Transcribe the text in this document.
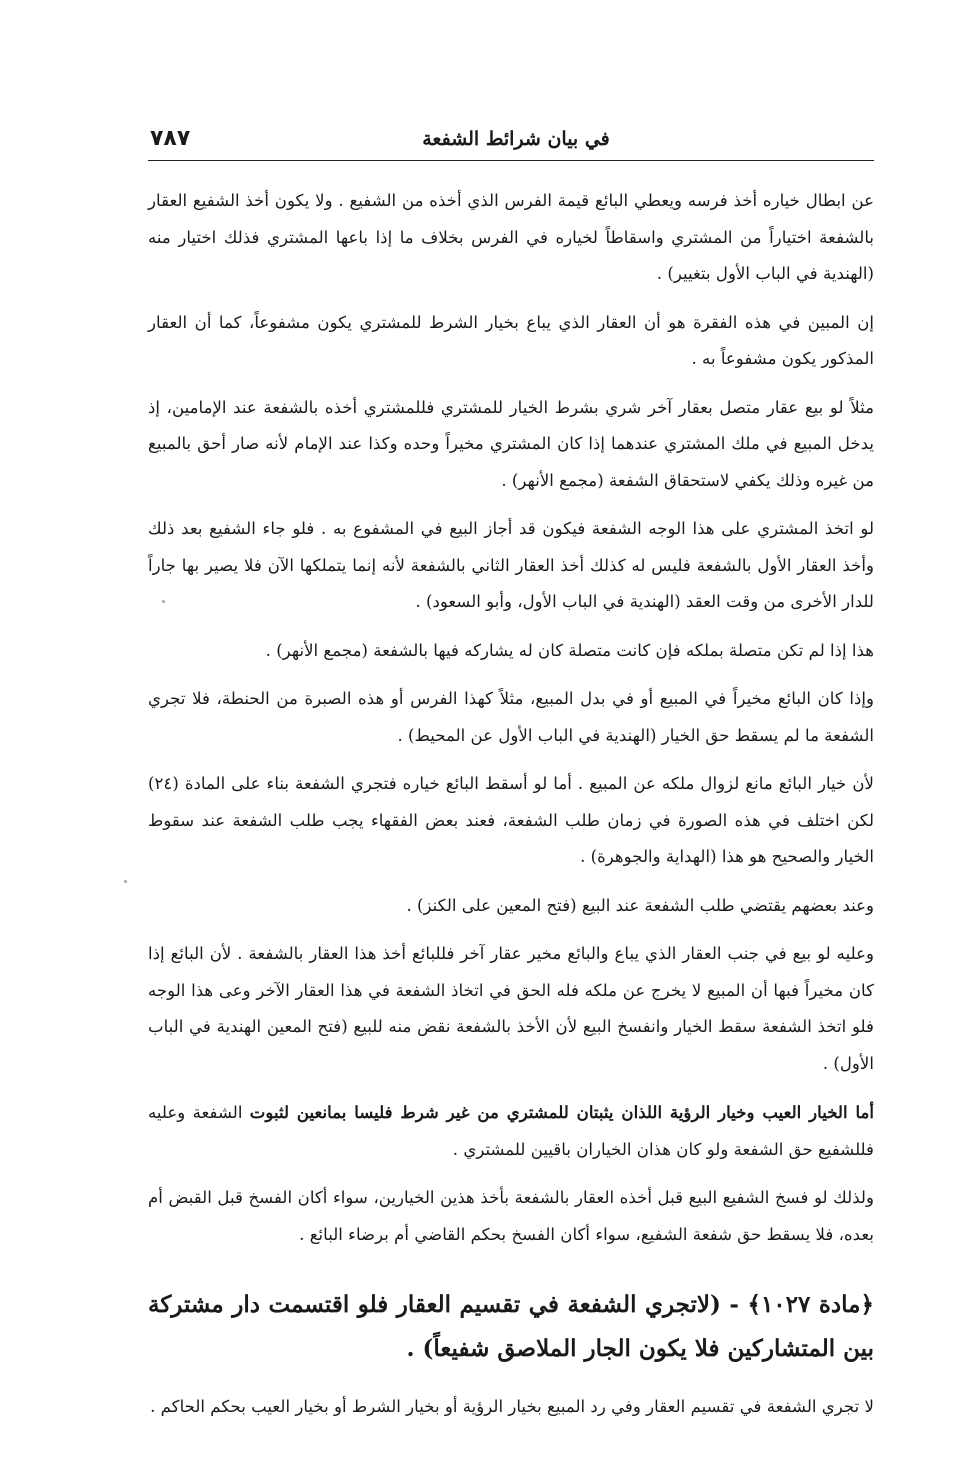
في بيان شرائط الشفعة
٧٨٧

عن ابطال خياره أخذ فرسه ويعطي البائع قيمة الفرس الذي أخذه من الشفيع . ولا يكون أخذ الشفيع العقار بالشفعة اختياراً من المشتري واسقاطاً لخياره في الفرس بخلاف ما إذا باعها المشتري فذلك اختيار منه (الهندية في الباب الأول بتغيير) .

إن المبين في هذه الفقرة هو أن العقار الذي يباع بخيار الشرط للمشتري يكون مشفوعاً، كما أن العقار المذكور يكون مشفوعاً به .

مثلاً لو بيع عقار متصل بعقار آخر شري بشرط الخيار للمشتري فللمشتري أخذه بالشفعة عند الإمامين، إذ يدخل المبيع في ملك المشتري عندهما إذا كان المشتري مخيراً وحده وكذا عند الإمام لأنه صار أحق بالمبيع من غيره وذلك يكفي لاستحقاق الشفعة (مجمع الأنهر) .

لو اتخذ المشتري على هذا الوجه الشفعة فيكون قد أجاز البيع في المشفوع به . فلو جاء الشفيع بعد ذلك وأخذ العقار الأول بالشفعة فليس له كذلك أخذ العقار الثاني بالشفعة لأنه إنما يتملكها الآن فلا يصير بها جاراً للدار الأخرى من وقت العقد (الهندية في الباب الأول، وأبو السعود) .

هذا إذا لم تكن متصلة بملكه فإن كانت متصلة كان له يشاركه فيها بالشفعة (مجمع الأنهر) .

وإذا كان البائع مخيراً في المبيع أو في بدل المبيع، مثلاً كهذا الفرس أو هذه الصبرة من الحنطة، فلا تجري الشفعة ما لم يسقط حق الخيار (الهندية في الباب الأول عن المحيط) .

لأن خيار البائع مانع لزوال ملكه عن المبيع . أما لو أسقط البائع خياره فتجري الشفعة بناء على المادة (٢٤) لكن اختلف في هذه الصورة في زمان طلب الشفعة، فعند بعض الفقهاء يجب طلب الشفعة عند سقوط الخيار والصحيح هو هذا (الهداية والجوهرة) .

وعند بعضهم يقتضي طلب الشفعة عند البيع (فتح المعين على الكنز) .

وعليه لو بيع في جنب العقار الذي يباع والبائع مخير عقار آخر فللبائع أخذ هذا العقار بالشفعة . لأن البائع إذا كان مخيراً فبها أن المبيع لا يخرج عن ملكه فله الحق في اتخاذ الشفعة في هذا العقار الآخر وعى هذا الوجه فلو اتخذ الشفعة سقط الخيار وانفسخ البيع لأن الأخذ بالشفعة نقض منه للبيع (فتح المعين الهندية في الباب الأول) .

أما الخيار العيب وخيار الرؤية اللذان يثبتان للمشتري من غير شرط فليسا بمانعين لثبوت الشفعة وعليه فللشفيع حق الشفعة ولو كان هذان الخياران باقيين للمشتري .

ولذلك لو فسخ الشفيع البيع قبل أخذه العقار بالشفعة بأخذ هذين الخيارين، سواء أكان الفسخ قبل القبض أم بعده، فلا يسقط حق شفعة الشفيع، سواء أكان الفسخ بحكم القاضي أم برضاء البائع .

﴿مادة ١٠٢٧﴾ - (لاتجري الشفعة في تقسيم العقار فلو اقتسمت دار مشتركة بين المتشاركين فلا يكون الجار الملاصق شفيعاً) .

لا تجري الشفعة في تقسيم العقار وفي رد المبيع بخيار الرؤية أو بخيار الشرط أو بخيار العيب بحكم الحاكم .
